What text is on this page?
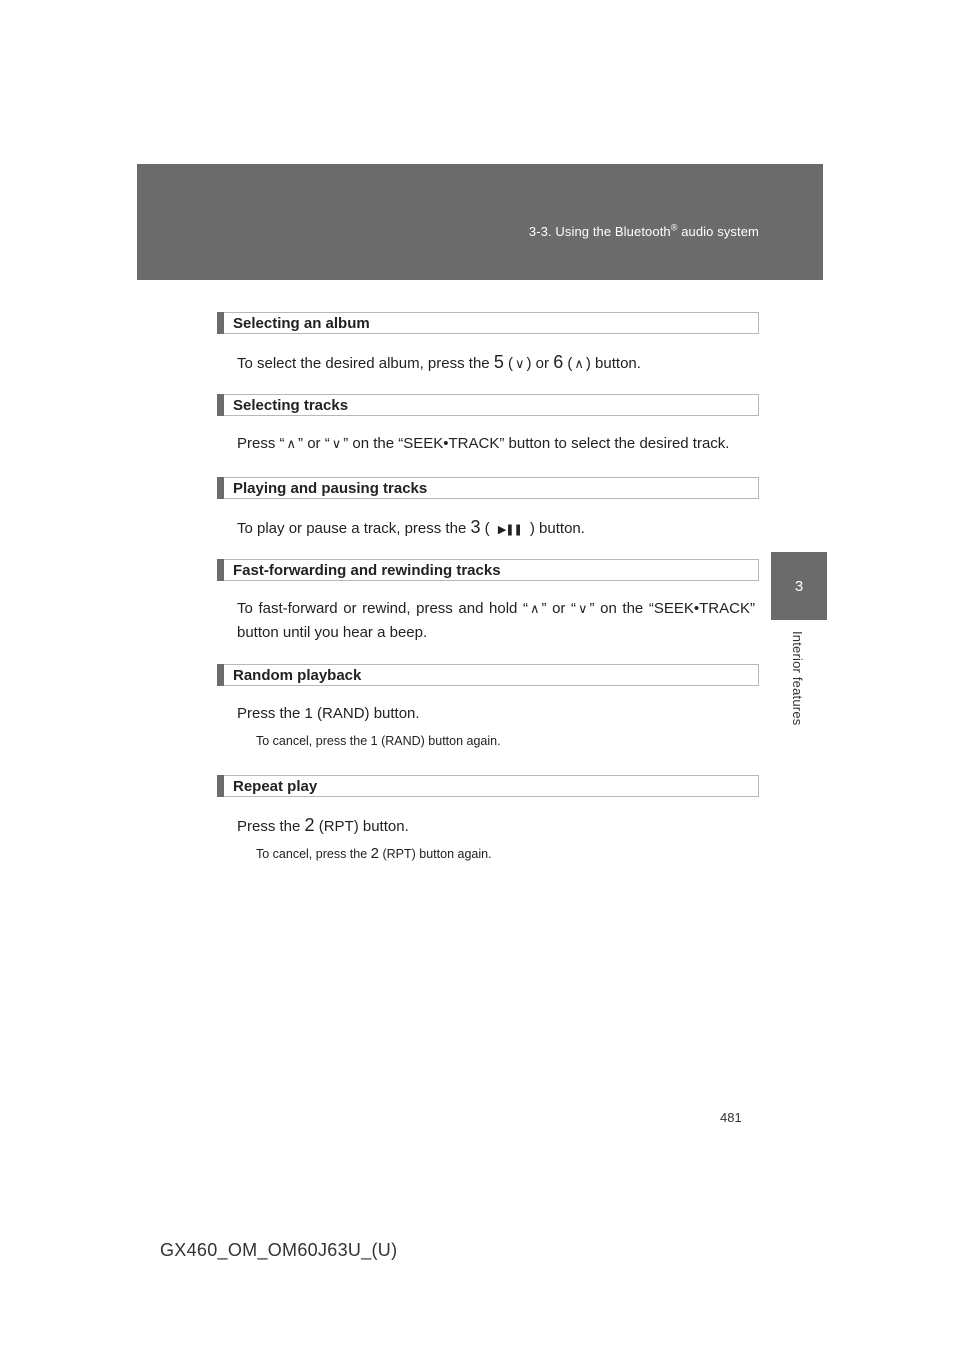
3-3. Using the Bluetooth® audio system
3
Interior features
Selecting an album
To select the desired album, press the 5 ( ∨ ) or 6 ( ∧ ) button.
Selecting tracks
Press “ ∧ ” or “ ∨ ” on the “SEEK•TRACK” button to select the desired track.
Playing and pausing tracks
To play or pause a track, press the 3 ( ▶❚❚ ) button.
Fast-forwarding and rewinding tracks
To fast-forward or rewind, press and hold “ ∧ ” or “ ∨ ” on the “SEEK•TRACK” button until you hear a beep.
Random playback
Press the 1 (RAND) button.
To cancel, press the 1 (RAND) button again.
Repeat play
Press the 2 (RPT) button.
To cancel, press the 2 (RPT) button again.
481
GX460_OM_OM60J63U_(U)
